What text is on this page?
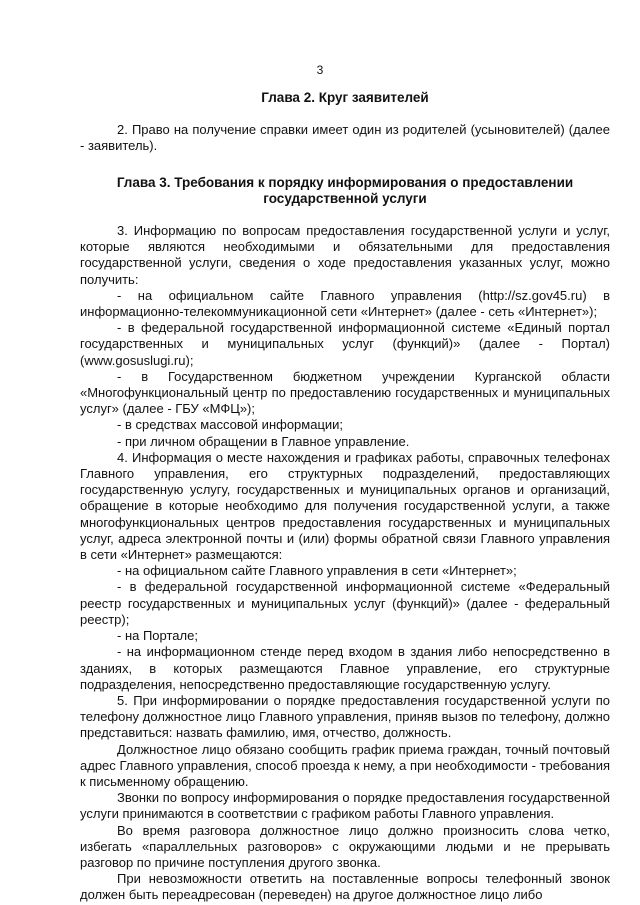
3

Глава 2. Круг заявителей

2. Право на получение справки имеет один из родителей (усыновителей) (далее - заявитель).

Глава 3. Требования к порядку информирования о предоставлении

государственной услуги

3. Информацию по вопросам предоставления государственной услуги и услуг, которые являются необходимыми и обязательными для предоставления государственной услуги, сведения о ходе предоставления указанных услуг, можно получить:

- на официальном сайте Главного управления (http://sz.gov45.ru) в информационно-телекоммуникационной сети «Интернет» (далее - сеть «Интернет»);

- в федеральной государственной информационной системе «Единый портал государственных и муниципальных услуг (функций)» (далее - Портал) (www.gosuslugi.ru);

- в Государственном бюджетном учреждении Курганской области «Многофункциональный центр по предоставлению государственных и муниципальных услуг» (далее - ГБУ «МФЦ»);

- в средствах массовой информации;

- при личном обращении в Главное управление.

4. Информация о месте нахождения и графиках работы, справочных телефонах Главного управления, его структурных подразделений, предоставляющих государственную услугу, государственных и муниципальных органов и организаций, обращение в которые необходимо для получения государственной услуги, а также многофункциональных центров предоставления государственных и муниципальных услуг, адреса электронной почты и (или) формы обратной связи Главного управления в сети «Интернет» размещаются:

- на официальном сайте Главного управления в сети «Интернет»;

- в федеральной государственной информационной системе «Федеральный реестр государственных и муниципальных услуг (функций)» (далее - федеральный реестр);

- на Портале;

- на информационном стенде перед входом в здания либо непосредственно в зданиях, в которых размещаются Главное управление, его структурные подразделения, непосредственно предоставляющие государственную услугу.

5. При информировании о порядке предоставления государственной услуги по телефону должностное лицо Главного управления, приняв вызов по телефону, должно представиться: назвать фамилию, имя, отчество, должность.

Должностное лицо обязано сообщить график приема граждан, точный почтовый адрес Главного управления, способ проезда к нему, а при необходимости - требования к письменному обращению.

Звонки по вопросу информирования о порядке предоставления государственной услуги принимаются в соответствии с графиком работы Главного управления.

Во время разговора должностное лицо должно произносить слова четко, избегать «параллельных разговоров» с окружающими людьми и не прерывать разговор по причине поступления другого звонка.

При невозможности ответить на поставленные вопросы телефонный звонок должен быть переадресован (переведен) на другое должностное лицо либо
